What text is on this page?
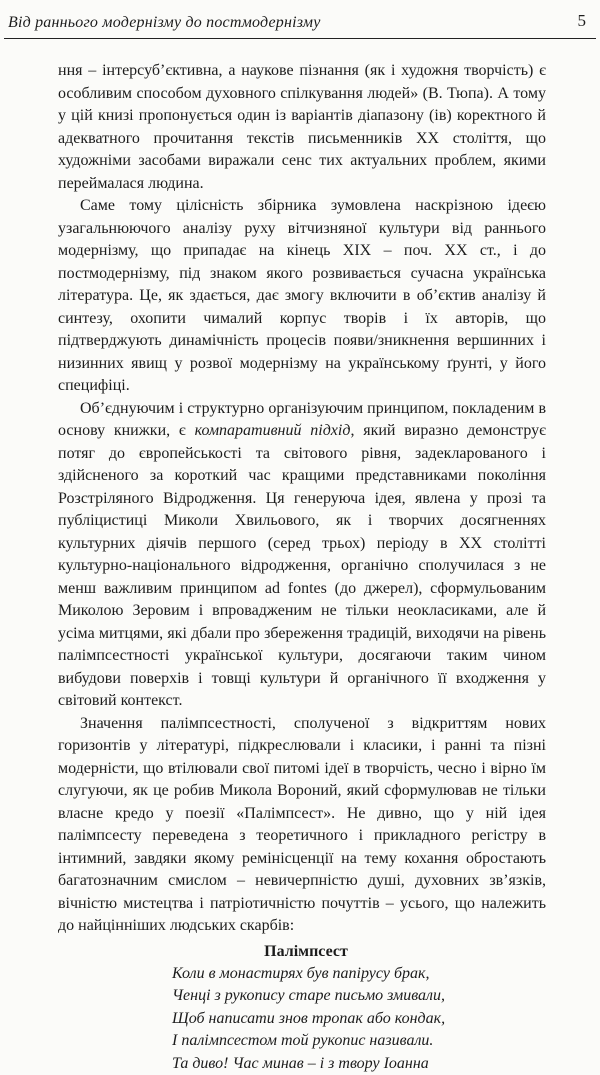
Від раннього модернізму до постмодернізму	5

ння – інтерсуб’єктивна, а наукове пізнання (як і художня творчість) є особливим способом духовного спілкування людей» (В. Тюпа). А тому у цій книзі пропонується один із варіантів діапазону (ів) коректного й адекватного прочитання текстів письменників ХХ століття, що художніми засобами виражали сенс тих актуальних проблем, якими переймалася людина.

Саме тому цілісність збірника зумовлена наскрізною ідеєю узагальнюючого аналізу руху вітчизняної культури від раннього модернізму, що припадає на кінець ХІХ – поч. ХХ ст., і до постмодернізму, під знаком якого розвивається сучасна українська література. Це, як здається, дає змогу включити в об’єктив аналізу й синтезу, охопити чималий корпус творів і їх авторів, що підтверджують динамічність процесів появи/зникнення вершинних і низинних явищ у розвої модернізму на українському ґрунті, у його специфіці.

Об’єднуючим і структурно організуючим принципом, покладеним в основу книжки, є компаративний підхід, який виразно демонструє потяг до європейськості та світового рівня, задекларованого і здійсненого за короткий час кращими представниками покоління Розстріляного Відродження. Ця генеруюча ідея, явлена у прозі та публіцистиці Миколи Хвильового, як і творчих досягненнях культурних діячів першого (серед трьох) періоду в ХХ столітті культурно-національного відродження, органічно сполучилася з не менш важливим принципом ad fontes (до джерел), сформульованим Миколою Зеровим і впровадженим не тільки неокласиками, але й усіма митцями, які дбали про збереження традицій, виходячи на рівень палімпсестності української культури, досягаючи таким чином вибудови поверхів і товщі культури й органічного її входження у світовий контекст.

Значення палімпсестності, сполученої з відкриттям нових горизонтів у літературі, підкреслювали і класики, і ранні та пізні модерністи, що втілювали свої питомі ідеї в творчість, чесно і вірно їм слугуючи, як це робив Микола Вороний, який сформулював не тільки власне кредо у поезії «Палімпсест». Не дивно, що у ній ідея палімпсесту переведена з теоретичного і прикладного регістру в інтимний, завдяки якому ремінісценції на тему кохання обростають багатозначним смислом – невичерпністю душі, духовних зв’язків, вічністю мистецтва і патріотичністю почуттів – усього, що належить до найцінніших людських скарбів:

Палімпсест
Коли в монастирях був папірусу брак,
Ченці з рукопису старе письмо змивали,
Щоб написати знов тропак або кондак,
І палімпсестом той рукопис називали.
Та диво! Час минав – і з твору Іоанна
